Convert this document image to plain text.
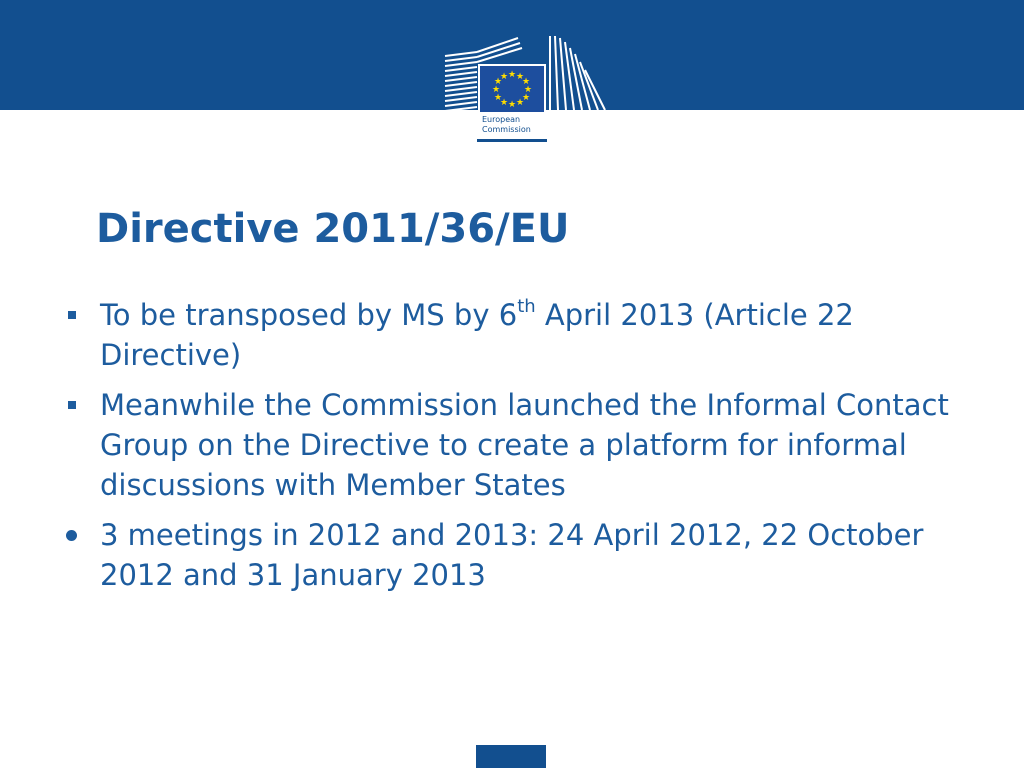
★ ★
★
★
★
★
★
★
★
★
★
★
European
Commission
Directive 2011/36/EU
To be transposed by MS by 6th April 2013 (Article 22 Directive)
Meanwhile the Commission launched the Informal Contact Group on the Directive to create a platform for informal discussions with Member States
3 meetings in 2012 and 2013: 24 April 2012, 22 October 2012 and 31 January 2013
